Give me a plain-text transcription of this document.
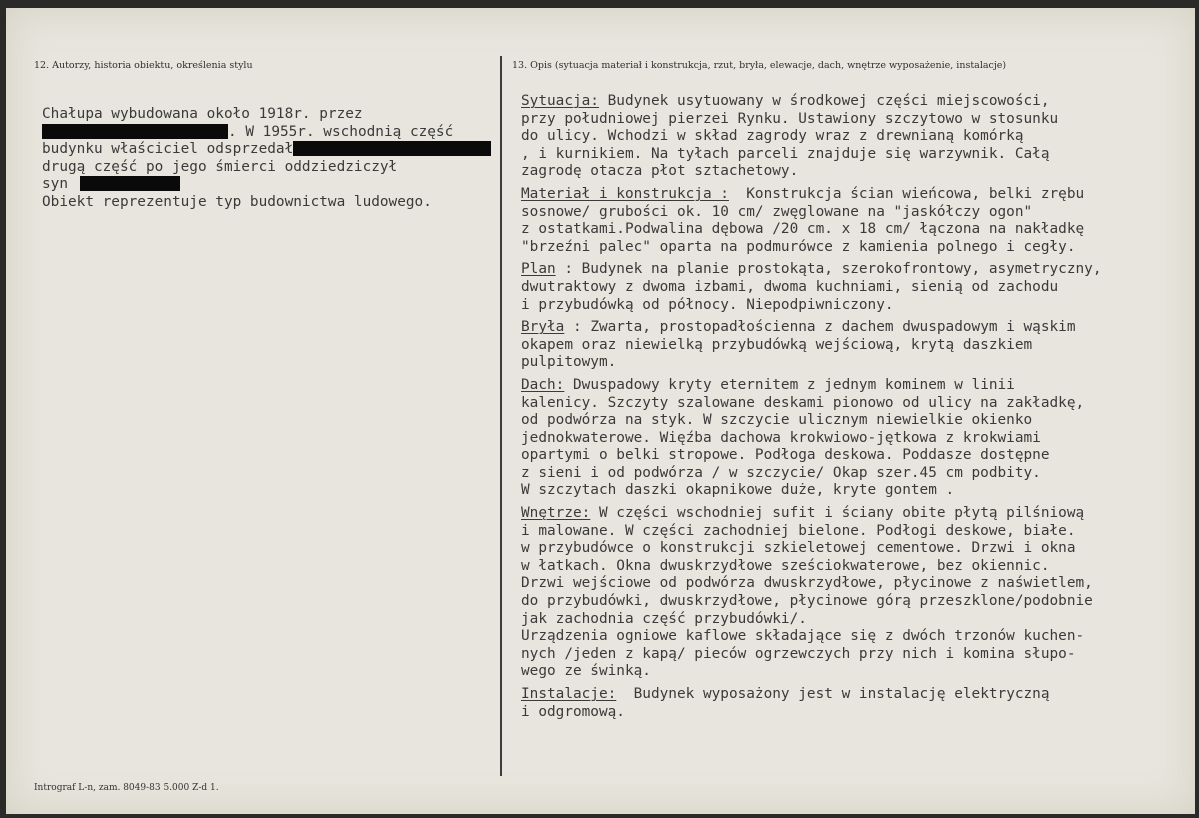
12. Autorzy, historia obiektu, określenia stylu	13. Opis (sytuacja materiał i konstrukcja, rzut, bryła, elewacje, dach, wnętrze wyposażenie, instalacje)
Chałupa wybudowana około 1918r. przez
. W 1955r. wschodnią część
budynku właściciel odsprzedał
drugą część po jego śmierci oddziedziczył
syn
Obiekt reprezentuje typ budownictwa ludowego.
Sytuacja: Budynek usytuowany w środkowej części miejscowości,
przy południowej pierzei Rynku. Ustawiony szczytowo w stosunku
do ulicy. Wchodzi w skład zagrody wraz z drewnianą komórką
, i kurnikiem. Na tyłach parceli znajduje się warzywnik. Całą
zagrodę otacza płot sztachetowy.
Materiał i konstrukcja :  Konstrukcja ścian wieńcowa, belki zrębu
sosnowe/ grubości ok. 10 cm/ zwęglowane na "jaskółczy ogon"
z ostatkami.Podwalina dębowa /20 cm. x 18 cm/ łączona na nakładkę
"brzeźni palec" oparta na podmurówce z kamienia polnego i cegły.
Plan : Budynek na planie prostokąta, szerokofrontowy, asymetryczny,
dwutraktowy z dwoma izbami, dwoma kuchniami, sienią od zachodu
i przybudówką od północy. Niepodpiwniczony.
Bryła : Zwarta, prostopadłościenna z dachem dwuspadowym i wąskim
okapem oraz niewielką przybudówką wejściową, krytą daszkiem
pulpitowym.
Dach: Dwuspadowy kryty eternitem z jednym kominem w linii
kalenicy. Szczyty szalowane deskami pionowo od ulicy na zakładkę,
od podwórza na styk. W szczycie ulicznym niewielkie okienko
jednokwaterowe. Więźba dachowa krokwiowo-jętkowa z krokwiami
opartymi o belki stropowe. Podłoga deskowa. Poddasze dostępne
z sieni i od podwórza / w szczycie/ Okap szer.45 cm podbity.
W szczytach daszki okapnikowe duże, kryte gontem .
Wnętrze: W części wschodniej sufit i ściany obite płytą pilśniową
i malowane. W części zachodniej bielone. Podłogi deskowe, białe.
w przybudówce o konstrukcji szkieletowej cementowe. Drzwi i okna
w łatkach. Okna dwuskrzydłowe sześciokwaterowe, bez okiennic.
Drzwi wejściowe od podwórza dwuskrzydłowe, płycinowe z naświetlem,
do przybudówki, dwuskrzydłowe, płycinowe górą przeszklone/podobnie
jak zachodnia część przybudówki/.
Urządzenia ogniowe kaflowe składające się z dwóch trzonów kuchen-
nych /jeden z kapą/ pieców ogrzewczych przy nich i komina słupo-
wego ze świnką.
Instalacje:  Budynek wyposażony jest w instalację elektryczną
i odgromową.
Intrograf L-n, zam. 8049-83 5.000 Z-d 1.
